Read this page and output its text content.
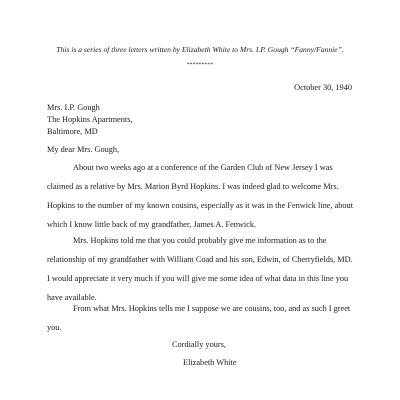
This is a series of three letters written by Elizabeth White to Mrs. I.P. Gough “Fanny/Fannie”.

*********

October 30, 1940

Mrs. I.P. Gough

The Hopkins Apartments,

Baltimore, MD

My dear Mrs. Gough,

About two weeks ago at a conference of the Garden Club of New Jersey I was claimed as a relative by Mrs. Marion Byrd Hopkins. I was indeed glad to welcome Mrs. Hopkins to the number of my known cousins, especially as it was in the Fenwick line, about which I know little back of my grandfather, James A. Fenwick.

Mrs. Hopkins told me that you could probably give me information as to the relationship of my grandfather with William Coad and his son, Edwin, of Cherryfields, MD. I would appreciate it very much if you will give me some idea of what data in this line you have available.

From what Mrs. Hopkins tells me I suppose we are cousins, too, and as such I greet you.

Cordially yours,

Elizabeth White
